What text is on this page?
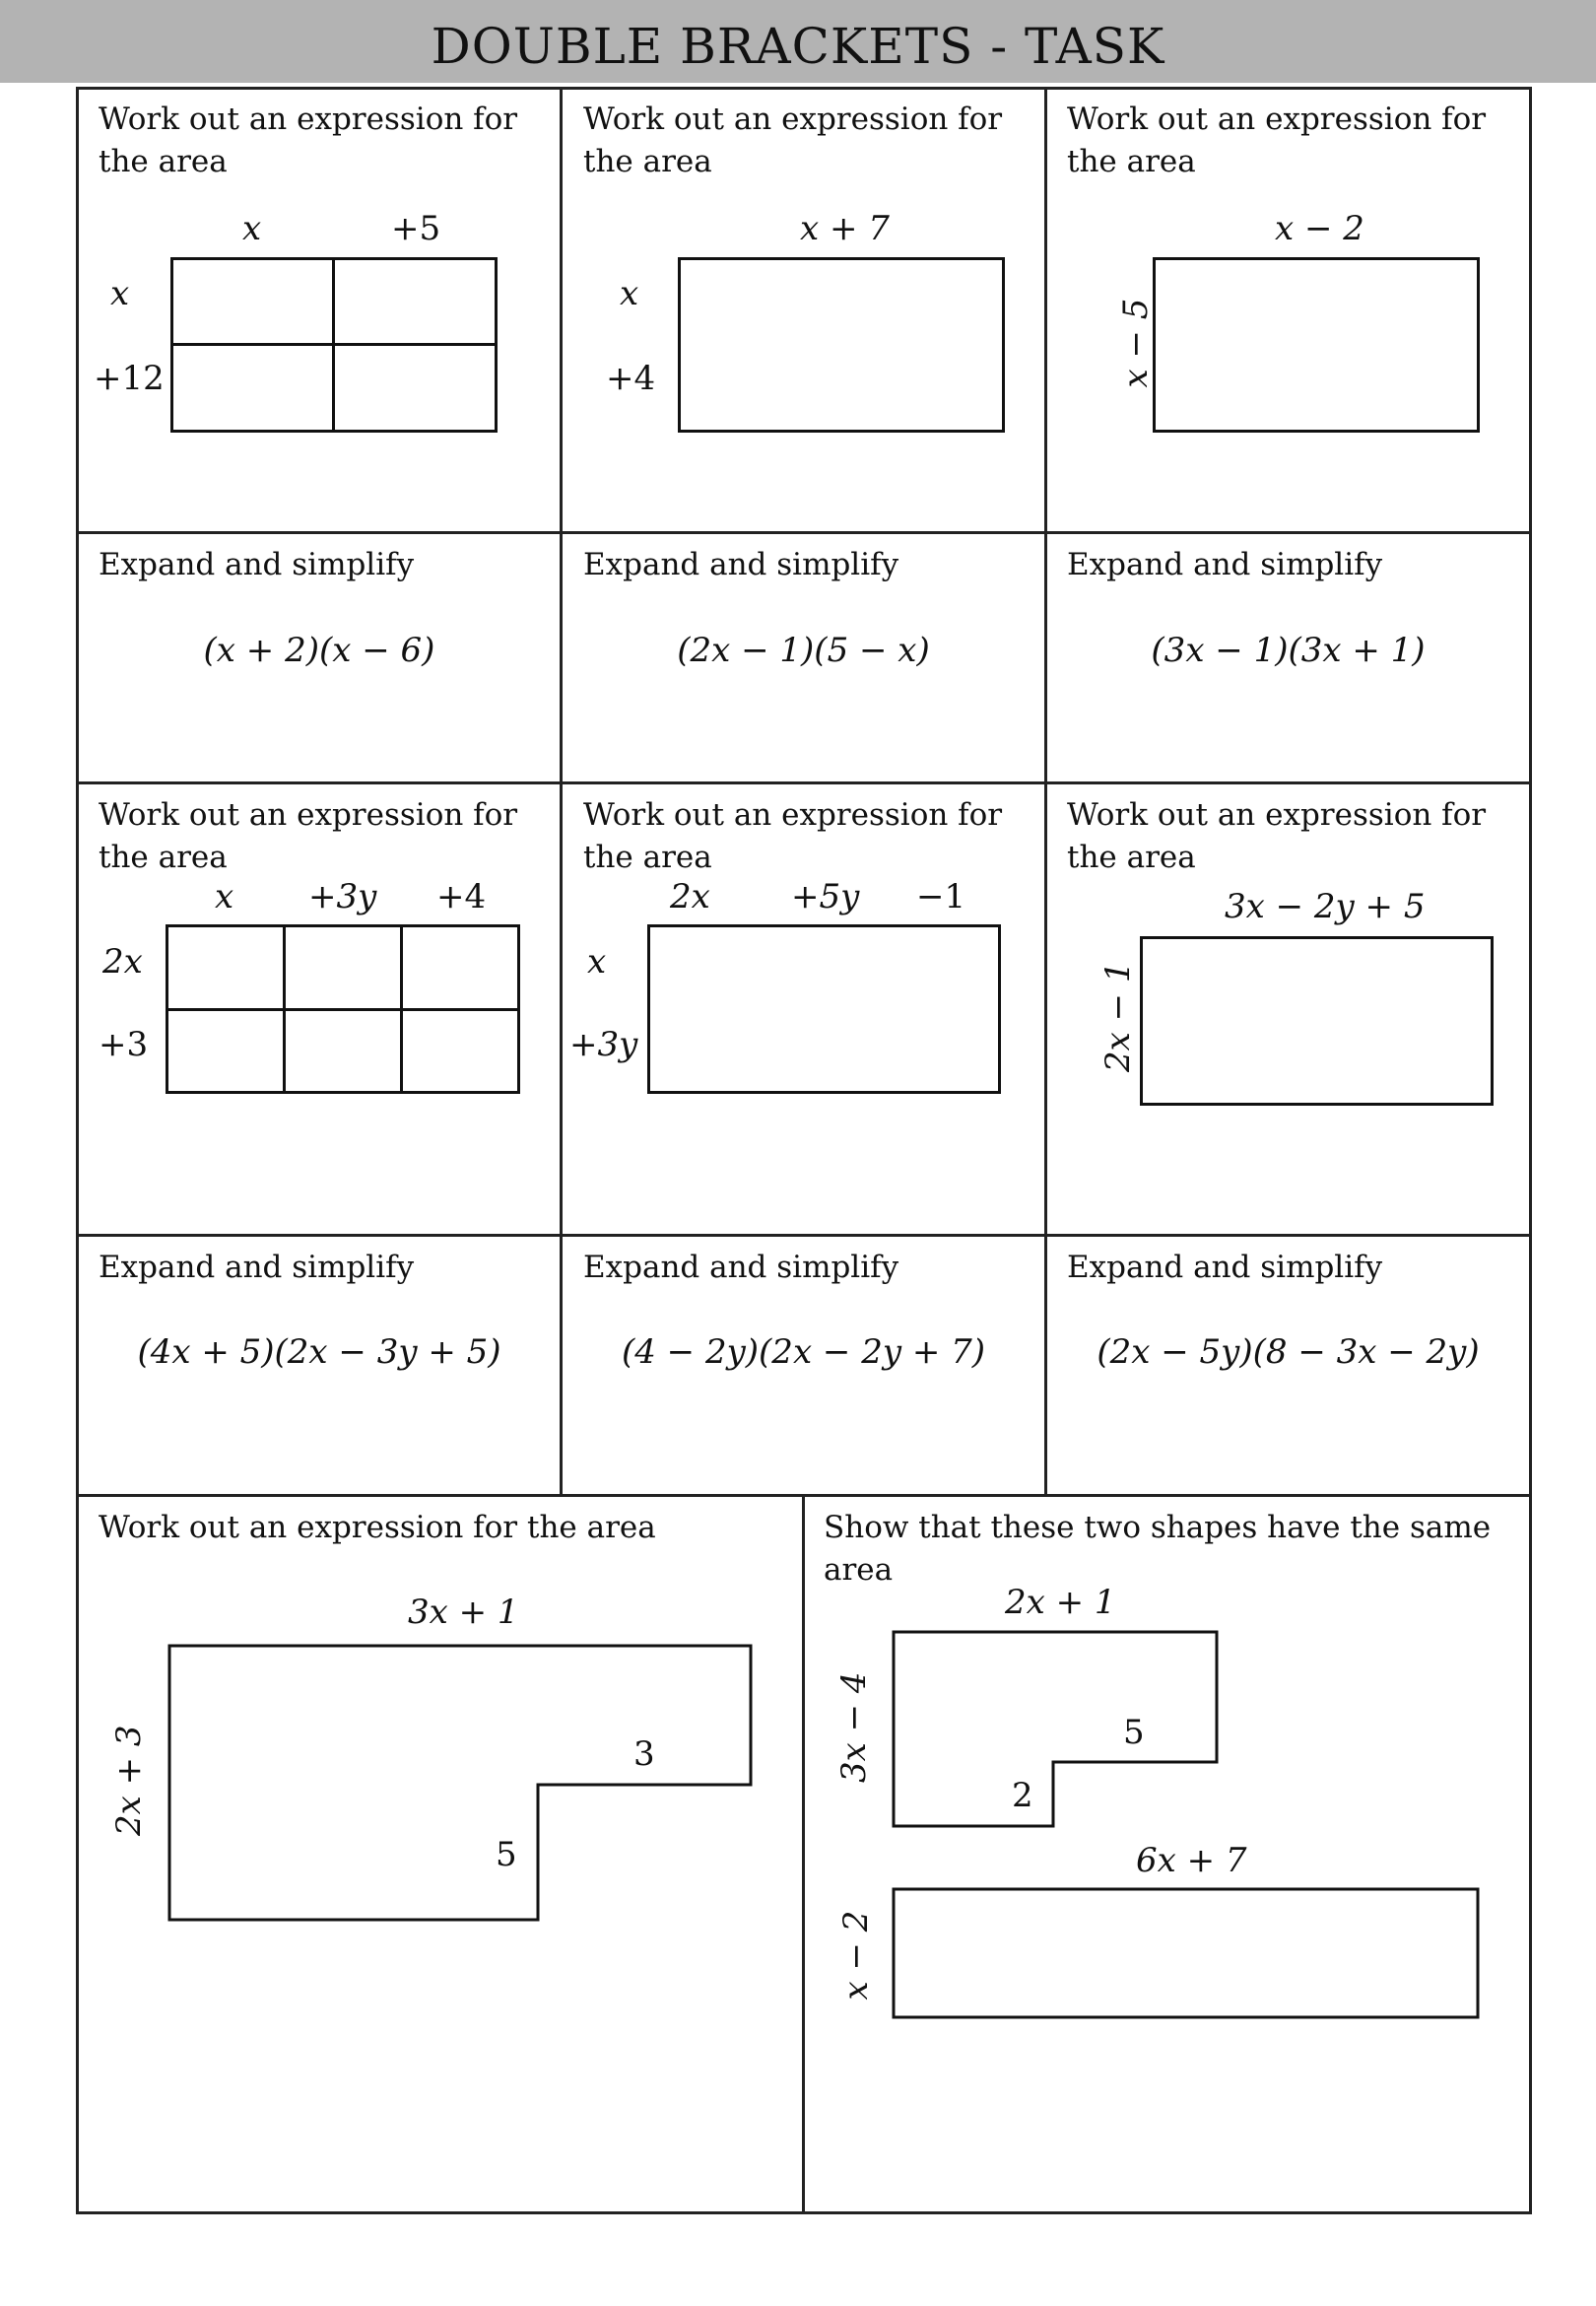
DOUBLE BRACKETS - TASK

Work out an expression for the area

x	+5
x
+12

Work out an expression for the area

x + 7
x
+4

Work out an expression for the area

x − 2
x − 5

Expand and simplify

(x + 2)(x − 6)

Expand and simplify

(2x − 1)(5 − x)

Expand and simplify

(3x − 1)(3x + 1)

Work out an expression for the area

x +3y +4
2x
+3

Work out an expression for the area

2x +5y −1
x
+3y

Work out an expression for the area

3x − 2y + 5
2x − 1

Expand and simplify

(4x + 5)(2x − 3y + 5)

Expand and simplify

(4 − 2y)(2x − 2y + 7)

Expand and simplify

(2x − 5y)(8 − 3x − 2y)

Work out an expression for the area

3x + 1
2x + 3	3
5

Show that these two shapes have the same area

2x + 1
3x − 4	5
2
6x + 7
x − 2
